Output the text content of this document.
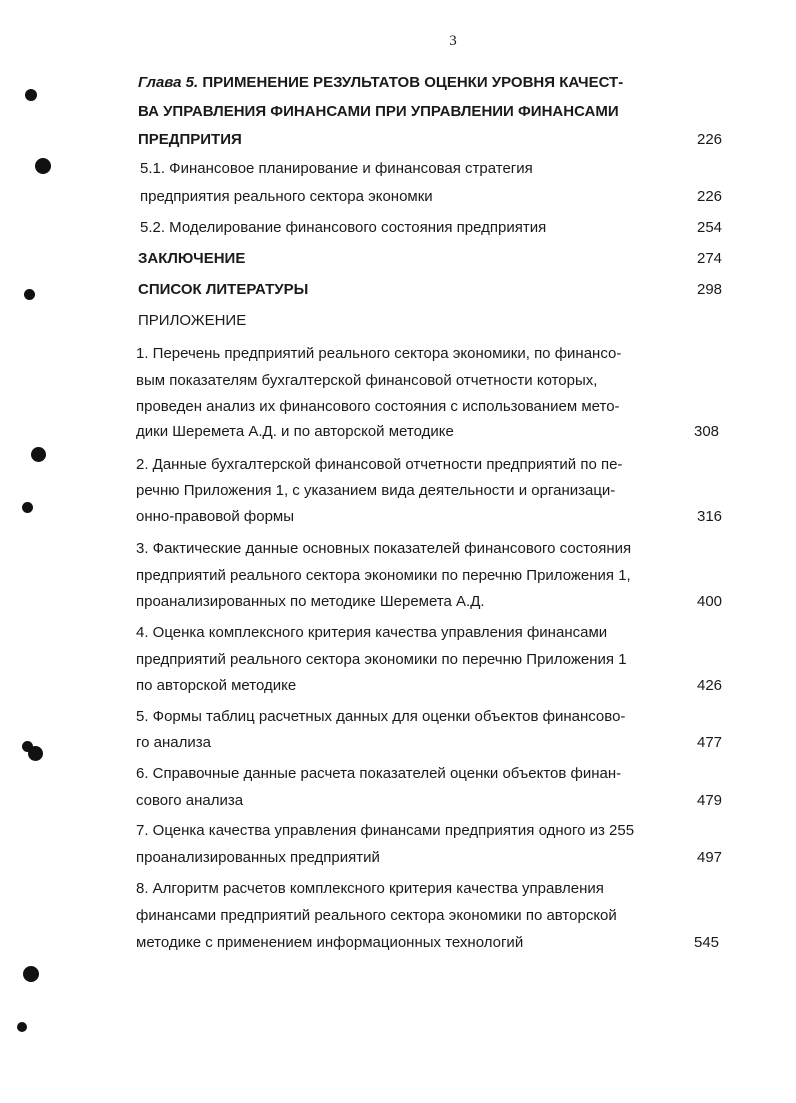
3
Глава 5. ПРИМЕНЕНИЕ РЕЗУЛЬТАТОВ ОЦЕНКИ УРОВНЯ КАЧЕСТ-
ВА УПРАВЛЕНИЯ ФИНАНСАМИ ПРИ УПРАВЛЕНИИ ФИНАНСАМИ
ПРЕДПРИТИЯ	226
5.1. Финансовое планирование и финансовая стратегия
предприятия реального сектора экономки	226
5.2. Моделирование финансового состояния предприятия	254
ЗАКЛЮЧЕНИЕ	274
СПИСОК ЛИТЕРАТУРЫ	298
ПРИЛОЖЕНИЕ
1. Перечень предприятий реального сектора экономики, по финансо-
вым показателям бухгалтерской финансовой отчетности которых,
проведен анализ их финансового состояния с использованием мето-
дики Шеремета А.Д. и по авторской методике	308
2. Данные бухгалтерской финансовой отчетности предприятий по пе-
речню Приложения 1, с указанием вида деятельности и организаци-
онно-правовой формы	316
3. Фактические данные основных показателей финансового состояния
предприятий реального сектора экономики по перечню Приложения 1,
проанализированных по методике Шеремета А.Д.	400
4. Оценка комплексного критерия качества управления финансами
предприятий реального сектора экономики по перечню Приложения 1
по авторской методике	426
5. Формы таблиц расчетных данных для оценки объектов финансово-
го анализа	477
6. Справочные данные расчета показателей оценки объектов финан-
сового анализа	479
7. Оценка качества управления финансами предприятия одного из 255
проанализированных предприятий	497
8. Алгоритм расчетов комплексного критерия качества управления
финансами предприятий реального сектора экономики по авторской
методике с применением информационных технологий	545
